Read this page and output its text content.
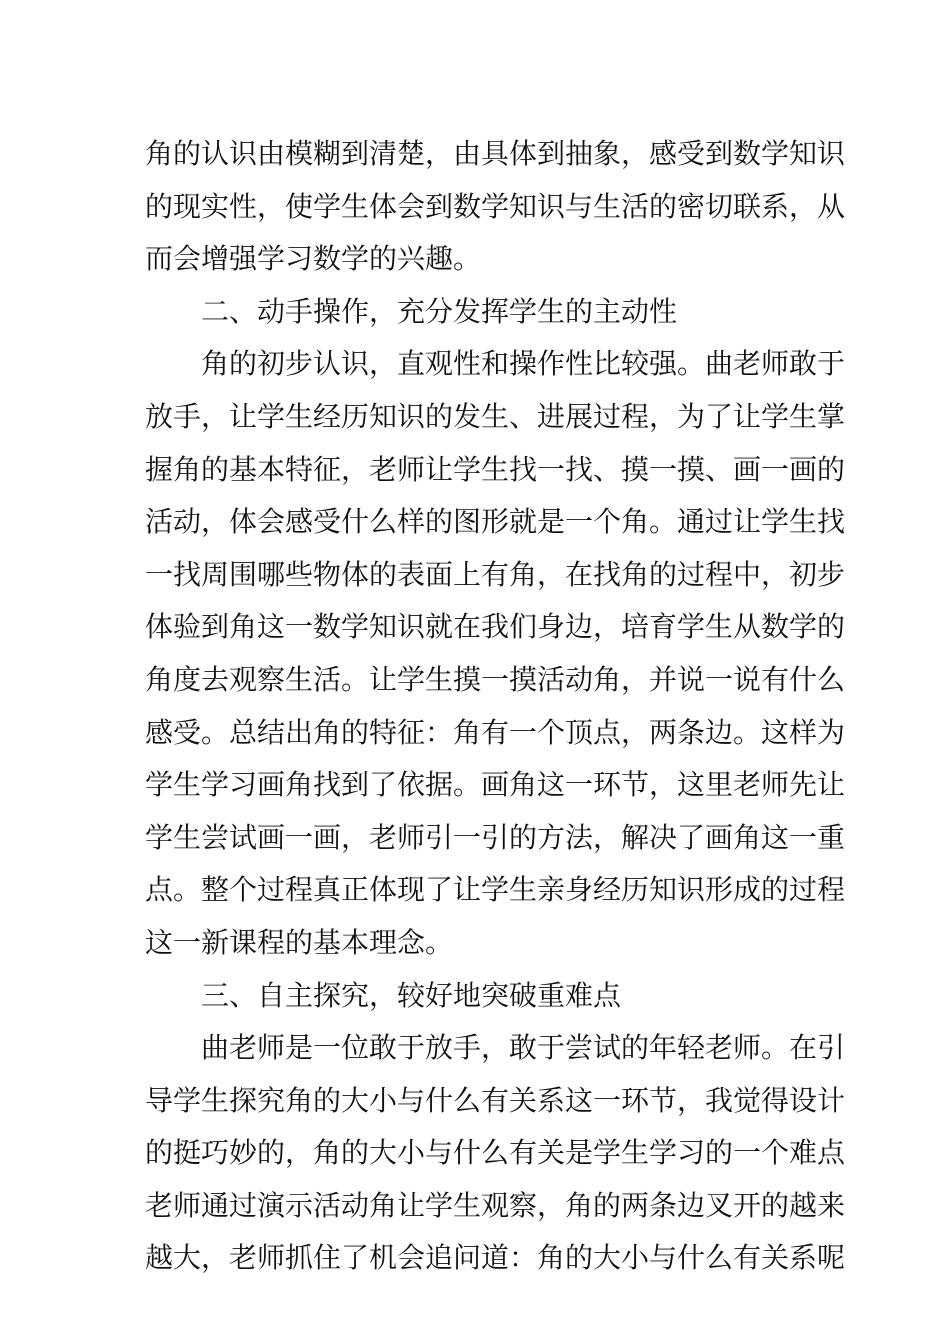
角的认识由模糊到清楚，由具体到抽象，感受到数学知识
的现实性，使学生体会到数学知识与生活的密切联系，从
而会增强学习数学的兴趣。
二、动手操作，充分发挥学生的主动性
角的初步认识，直观性和操作性比较强。曲老师敢于
放手，让学生经历知识的发生、进展过程，为了让学生掌
握角的基本特征，老师让学生找一找、摸一摸、画一画的
活动，体会感受什么样的图形就是一个角。通过让学生找
一找周围哪些物体的表面上有角，在找角的过程中，初步
体验到角这一数学知识就在我们身边，培育学生从数学的
角度去观察生活。让学生摸一摸活动角，并说一说有什么
感受。总结出角的特征：角有一个顶点，两条边。这样为
学生学习画角找到了依据。画角这一环节，这里老师先让
学生尝试画一画，老师引一引的方法，解决了画角这一重
点。整个过程真正体现了让学生亲身经历知识形成的过程
这一新课程的基本理念。
三、自主探究，较好地突破重难点
曲老师是一位敢于放手，敢于尝试的年轻老师。在引
导学生探究角的大小与什么有关系这一环节，我觉得设计
的挺巧妙的，角的大小与什么有关是学生学习的一个难点
老师通过演示活动角让学生观察，角的两条边叉开的越来
越大，老师抓住了机会追问道：角的大小与什么有关系呢
